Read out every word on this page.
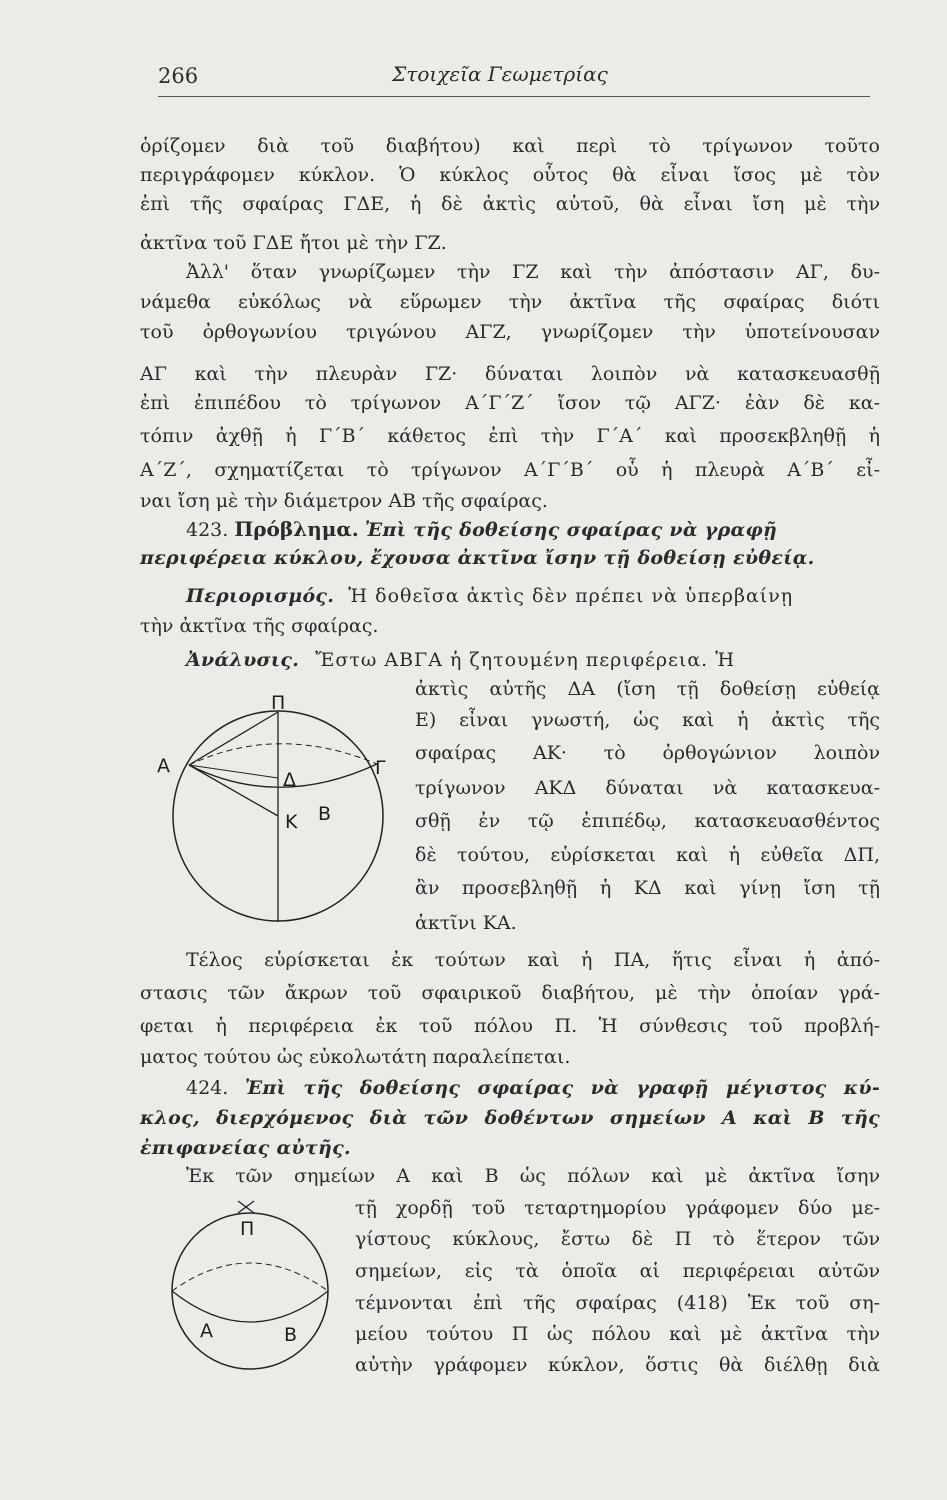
266	Στοιχεῖα Γεωμετρίας
ὁρίζομεν διὰ τοῦ διαβήτου) καὶ περὶ τὸ τρίγωνον τοῦτο
περιγράφομεν κύκλον. Ὁ κύκλος οὗτος θὰ εἶναι ἴσος μὲ τὸν
ἐπὶ τῆς σφαίρας ΓΔΕ, ἡ δὲ ἀκτὶς αὐτοῦ, θὰ εἶναι ἴση μὲ τὴν
ἀκτῖνα τοῦ ΓΔΕ ἤτοι μὲ τὴν ΓΖ.
Ἀλλ' ὅταν γνωρίζωμεν τὴν ΓΖ καὶ τὴν ἀπόστασιν ΑΓ, δυ-
νάμεθα εὐκόλως νὰ εὕρωμεν τὴν ἀκτῖνα τῆς σφαίρας διότι
τοῦ ὀρθογωνίου τριγώνου ΑΓΖ, γνωρίζομεν τὴν ὑποτείνουσαν
ΑΓ καὶ τὴν πλευρὰν ΓΖ· δύναται λοιπὸν νὰ κατασκευασθῇ
ἐπὶ ἐπιπέδου τὸ τρίγωνον Α΄Γ΄Ζ΄ ἴσον τῷ ΑΓΖ· ἐὰν δὲ κα-
τόπιν ἀχθῇ ἡ Γ΄Β΄ κάθετος ἐπὶ τὴν Γ΄Α΄ καὶ προσεκβληθῇ ἡ
Α΄Ζ΄, σχηματίζεται τὸ τρίγωνον Α΄Γ΄Β΄ οὗ ἡ πλευρὰ Α΄Β΄ εἶ-
ναι ἴση μὲ τὴν διάμετρον ΑΒ τῆς σφαίρας.
423. Πρόβλημα. Ἐπὶ τῆς δοθείσης σφαίρας νὰ γραφῇ
περιφέρεια κύκλου, ἔχουσα ἀκτῖνα ἴσην τῇ δοθείσῃ εὐθείᾳ.
Περιορισμός. Ἡ δοθεῖσα ἀκτὶς δὲν πρέπει νὰ ὑπερβαίνῃ
τὴν ἀκτῖνα τῆς σφαίρας.
Ἀνάλυσις. Ἔστω ΑΒΓΑ ἡ ζητουμένη περιφέρεια. Ἡ
Π
Α	Γ
Δ
Β
Κ
ἀκτὶς αὐτῆς ΔΑ (ἴση τῇ δοθείσῃ εὐθείᾳ
Ε) εἶναι γνωστή, ὡς καὶ ἡ ἀκτὶς τῆς
σφαίρας ΑΚ· τὸ ὀρθογώνιον λοιπὸν
τρίγωνον ΑΚΔ δύναται νὰ κατασκευα-
σθῇ ἐν τῷ ἐπιπέδῳ, κατασκευασθέντος
δὲ τούτου, εὑρίσκεται καὶ ἡ εὐθεῖα ΔΠ,
ἂν προσεβληθῇ ἡ ΚΔ καὶ γίνῃ ἴση τῇ
ἀκτῖνι ΚΑ.
Τέλος εὑρίσκεται ἐκ τούτων καὶ ἡ ΠΑ, ἥτις εἶναι ἡ ἀπό-
στασις τῶν ἄκρων τοῦ σφαιρικοῦ διαβήτου, μὲ τὴν ὁποίαν γρά-
φεται ἡ περιφέρεια ἐκ τοῦ πόλου Π. Ἡ σύνθεσις τοῦ προβλή-
ματος τούτου ὡς εὐκολωτάτη παραλείπεται.
424. Ἐπὶ τῆς δοθείσης σφαίρας νὰ γραφῇ μέγιστος κύ-
κλος, διερχόμενος διὰ τῶν δοθέντων σημείων Α καὶ Β τῆς
ἐπιφανείας αὐτῆς.
Ἐκ τῶν σημείων Α καὶ Β ὡς πόλων καὶ μὲ ἀκτῖνα ἴσην
Π
Α	Β
τῇ χορδῇ τοῦ τεταρτημορίου γράφομεν δύο με-
γίστους κύκλους, ἔστω δὲ Π τὸ ἕτερον τῶν
σημείων, εἰς τὰ ὁποῖα αἱ περιφέρειαι αὐτῶν
τέμνονται ἐπὶ τῆς σφαίρας (418) Ἐκ τοῦ ση-
μείου τούτου Π ὡς πόλου καὶ μὲ ἀκτῖνα τὴν
αὐτὴν γράφομεν κύκλον, ὅστις θὰ διέλθῃ διὰ
